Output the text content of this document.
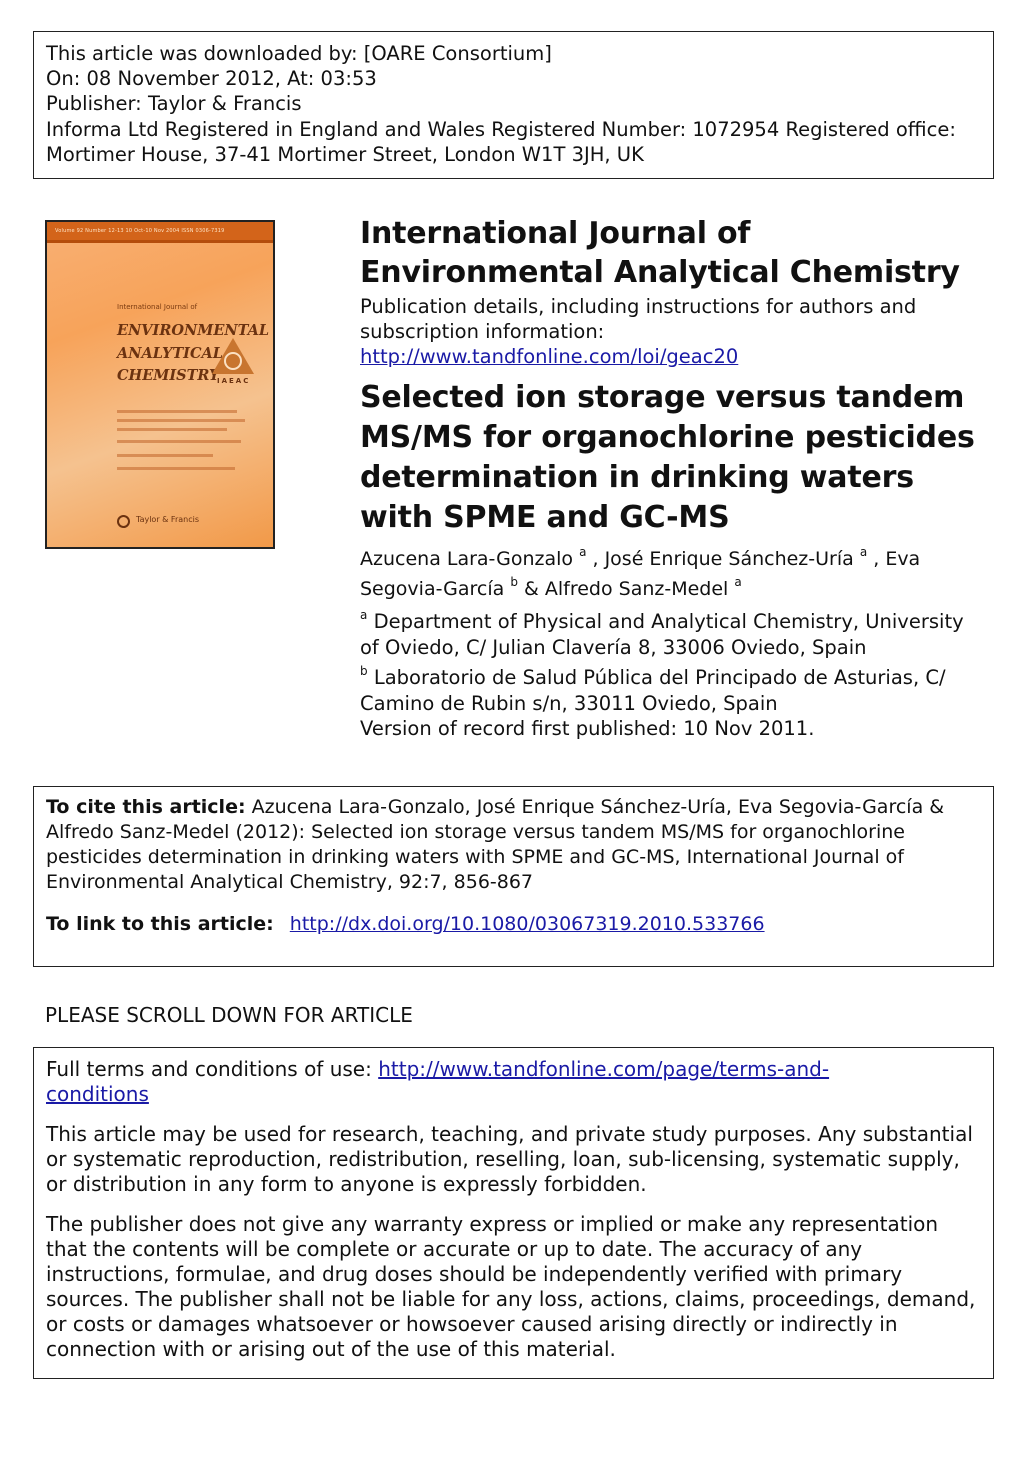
This article was downloaded by: [OARE Consortium]
On: 08 November 2012, At: 03:53
Publisher: Taylor & Francis
Informa Ltd Registered in England and Wales Registered Number: 1072954 Registered office: Mortimer House, 37-41 Mortimer Street, London W1T 3JH, UK
Volume 92 Number 12-13 10 Oct-10 Nov 2004 ISSN 0306-7319
International Journal of
ENVIRONMENTAL
ANALYTICAL
CHEMISTRY
IAEAC
Taylor & Francis
International Journal of Environmental Analytical Chemistry
Publication details, including instructions for authors and subscription information:
http://www.tandfonline.com/loi/geac20
Selected ion storage versus tandem MS/MS for organochlorine pesticides determination in drinking waters with SPME and GC-MS
Azucena Lara-Gonzalo $^a$ , José Enrique Sánchez-Uría $^a$ , Eva Segovia-García $^b$ & Alfredo Sanz-Medel $^a$
$^a$ Department of Physical and Analytical Chemistry, University of Oviedo, C/ Julian Clavería 8, 33006 Oviedo, Spain
$^b$ Laboratorio de Salud Pública del Principado de Asturias, C/ Camino de Rubin s/n, 33011 Oviedo, Spain
Version of record first published: 10 Nov 2011.
To cite this article: Azucena Lara-Gonzalo, José Enrique Sánchez-Uría, Eva Segovia-García & Alfredo Sanz-Medel (2012): Selected ion storage versus tandem MS/MS for organochlorine pesticides determination in drinking waters with SPME and GC-MS, International Journal of Environmental Analytical Chemistry, 92:7, 856-867
To link to this article: http://dx.doi.org/10.1080/03067319.2010.533766
PLEASE SCROLL DOWN FOR ARTICLE

Full terms and conditions of use: http://www.tandfonline.com/page/terms-and-
conditions

This article may be used for research, teaching, and private study purposes. Any substantial or systematic reproduction, redistribution, reselling, loan, sub-licensing, systematic supply, or distribution in any form to anyone is expressly forbidden.

The publisher does not give any warranty express or implied or make any representation that the contents will be complete or accurate or up to date. The accuracy of any instructions, formulae, and drug doses should be independently verified with primary sources. The publisher shall not be liable for any loss, actions, claims, proceedings, demand, or costs or damages whatsoever or howsoever caused arising directly or indirectly in connection with or arising out of the use of this material.
